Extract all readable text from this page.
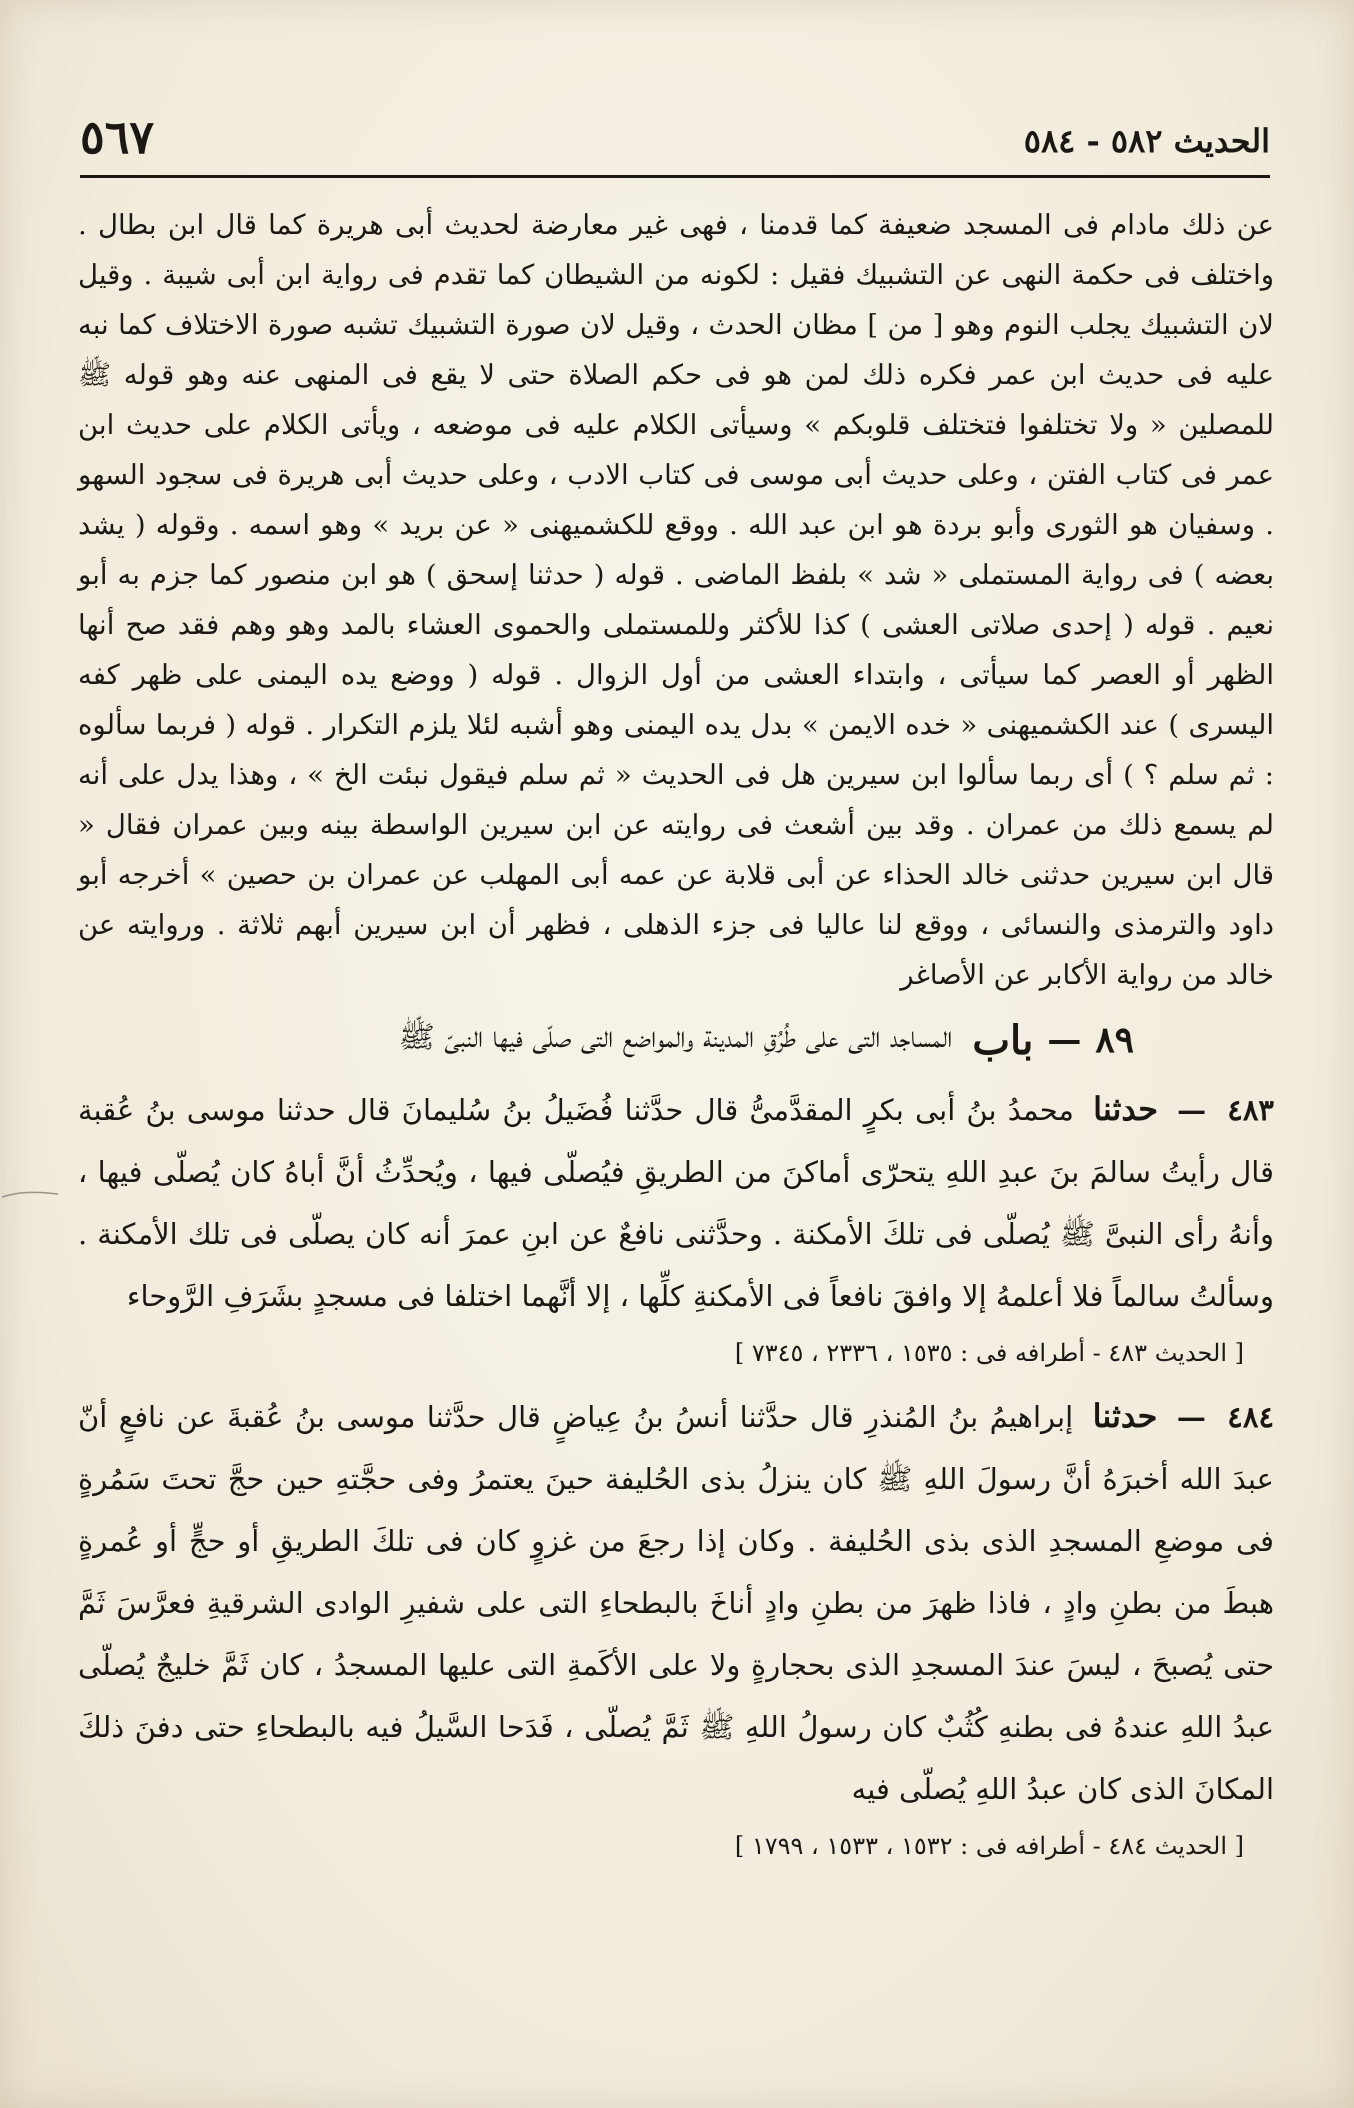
٥٦٧	الحديث ٥٨٢ - ٥٨٤

عن ذلك مادام فى المسجد ضعيفة كما قدمنا ، فهى غير معارضة لحديث أبى هريرة كما قال ابن بطال . واختلف فى حكمة النهى عن التشبيك فقيل : لكونه من الشيطان كما تقدم فى رواية ابن أبى شيبة . وقيل لان التشبيك يجلب النوم وهو [ من ] مظان الحدث ، وقيل لان صورة التشبيك تشبه صورة الاختلاف كما نبه عليه فى حديث ابن عمر فكره ذلك لمن هو فى حكم الصلاة حتى لا يقع فى المنهى عنه وهو قوله ﷺ للمصلين « ولا تختلفوا فتختلف قلوبكم » وسيأتى الكلام عليه فى موضعه ، ويأتى الكلام على حديث ابن عمر فى كتاب الفتن ، وعلى حديث أبى موسى فى كتاب الادب ، وعلى حديث أبى هريرة فى سجود السهو . وسفيان هو الثورى وأبو بردة هو ابن عبد الله . ووقع للكشميهنى « عن بريد » وهو اسمه . وقوله ( يشد بعضه ) فى رواية المستملى « شد » بلفظ الماضى . قوله ( حدثنا إسحق ) هو ابن منصور كما جزم به أبو نعيم . قوله ( إحدى صلاتى العشى ) كذا للأكثر وللمستملى والحموى العشاء بالمد وهو وهم فقد صح أنها الظهر أو العصر كما سيأتى ، وابتداء العشى من أول الزوال . قوله ( ووضع يده اليمنى على ظهر كفه اليسرى ) عند الكشميهنى « خده الايمن » بدل يده اليمنى وهو أشبه لئلا يلزم التكرار . قوله ( فربما سألوه : ثم سلم ؟ ) أى ربما سألوا ابن سيرين هل فى الحديث « ثم سلم فيقول نبئت الخ » ، وهذا يدل على أنه لم يسمع ذلك من عمران . وقد بين أشعث فى روايته عن ابن سيرين الواسطة بينه وبين عمران فقال « قال ابن سيرين حدثنى خالد الحذاء عن أبى قلابة عن عمه أبى المهلب عن عمران بن حصين » أخرجه أبو داود والترمذى والنسائى ، ووقع لنا عاليا فى جزء الذهلى ، فظهر أن ابن سيرين أبهم ثلاثة . وروايته عن خالد من رواية الأكابر عن الأصاغر

٨٩
—
باب
المساجد التى على طُرُقِ المدينة والمواضع التى صلّى فيها النبىّ ﷺ

٤٨٣ — حدثنا محمدُ بنُ أبى بكرٍ المقدَّمىُّ قال حدَّثنا فُضَيلُ بنُ سُليمانَ قال حدثنا موسى بنُ عُقبة قال رأيتُ سالمَ بنَ عبدِ اللهِ يتحرّى أماكنَ من الطريقِ فيُصلّى فيها ، ويُحدِّثُ أنَّ أباهُ كان يُصلّى فيها ، وأنهُ رأى النبىَّ ﷺ يُصلّى فى تلكَ الأمكنة . وحدَّثنى نافعٌ عن ابنِ عمرَ أنه كان يصلّى فى تلك الأمكنة . وسألتُ سالماً فلا أعلمهُ إلا وافقَ نافعاً فى الأمكنةِ كلِّها ، إلا أنَّهما اختلفا فى مسجدٍ بشَرَفِ الرَّوحاء

[ الحديث ٤٨٣ - أطرافه فى : ١٥٣٥ ، ٢٣٣٦ ، ٧٣٤٥ ]

٤٨٤ — حدثنا إبراهيمُ بنُ المُنذرِ قال حدَّثنا أنسُ بنُ عِياضٍ قال حدَّثنا موسى بنُ عُقبةَ عن نافعٍ أنّ عبدَ الله أخبرَهُ أنَّ رسولَ اللهِ ﷺ كان ينزلُ بذى الحُليفة حينَ يعتمرُ وفى حجَّتهِ حين حجَّ تحتَ سَمُرةٍ فى موضعِ المسجدِ الذى بذى الحُليفة . وكان إذا رجعَ من غزوٍ كان فى تلكَ الطريقِ أو حجٍّ أو عُمرةٍ هبطَ من بطنِ وادٍ ، فاذا ظهرَ من بطنِ وادٍ أناخَ بالبطحاءِ التى على شفيرِ الوادى الشرقيةِ فعرَّسَ ثَمَّ حتى يُصبحَ ، ليسَ عندَ المسجدِ الذى بحجارةٍ ولا على الأكَمةِ التى عليها المسجدُ ، كان ثَمَّ خليجٌ يُصلّى عبدُ اللهِ عندهُ فى بطنهِ كُثُبٌ كان رسولُ اللهِ ﷺ ثَمَّ يُصلّى ، فَدَحا السَّيلُ فيه بالبطحاءِ حتى دفنَ ذلكَ المكانَ الذى كان عبدُ اللهِ يُصلّى فيه

[ الحديث ٤٨٤ - أطرافه فى : ١٥٣٢ ، ١٥٣٣ ، ١٧٩٩ ]
